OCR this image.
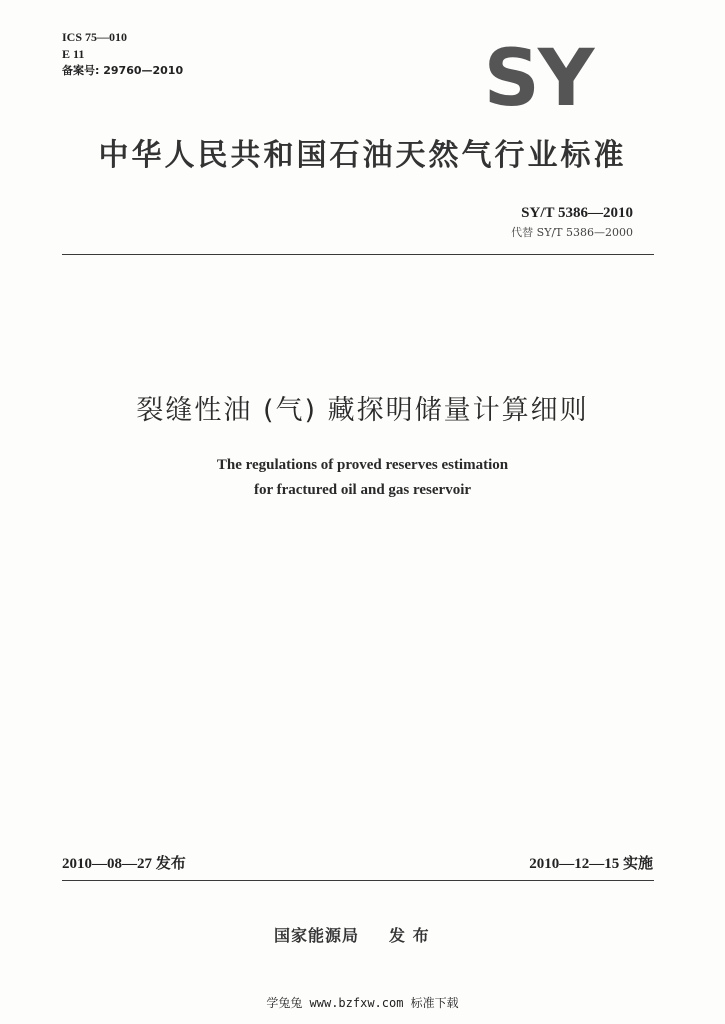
ICS 75—010
E 11
备案号: 29760—2010	SY
中华人民共和国石油天然气行业标准
SY/T 5386—2010
代替 SY/T 5386—2000
裂缝性油 (气) 藏探明储量计算细则
The regulations of proved reserves estimation
for fractured oil and gas reservoir
2010—08—27 发布	2010—12—15 实施
国家能源局 发 布
学兔兔 www.bzfxw.com 标准下载
